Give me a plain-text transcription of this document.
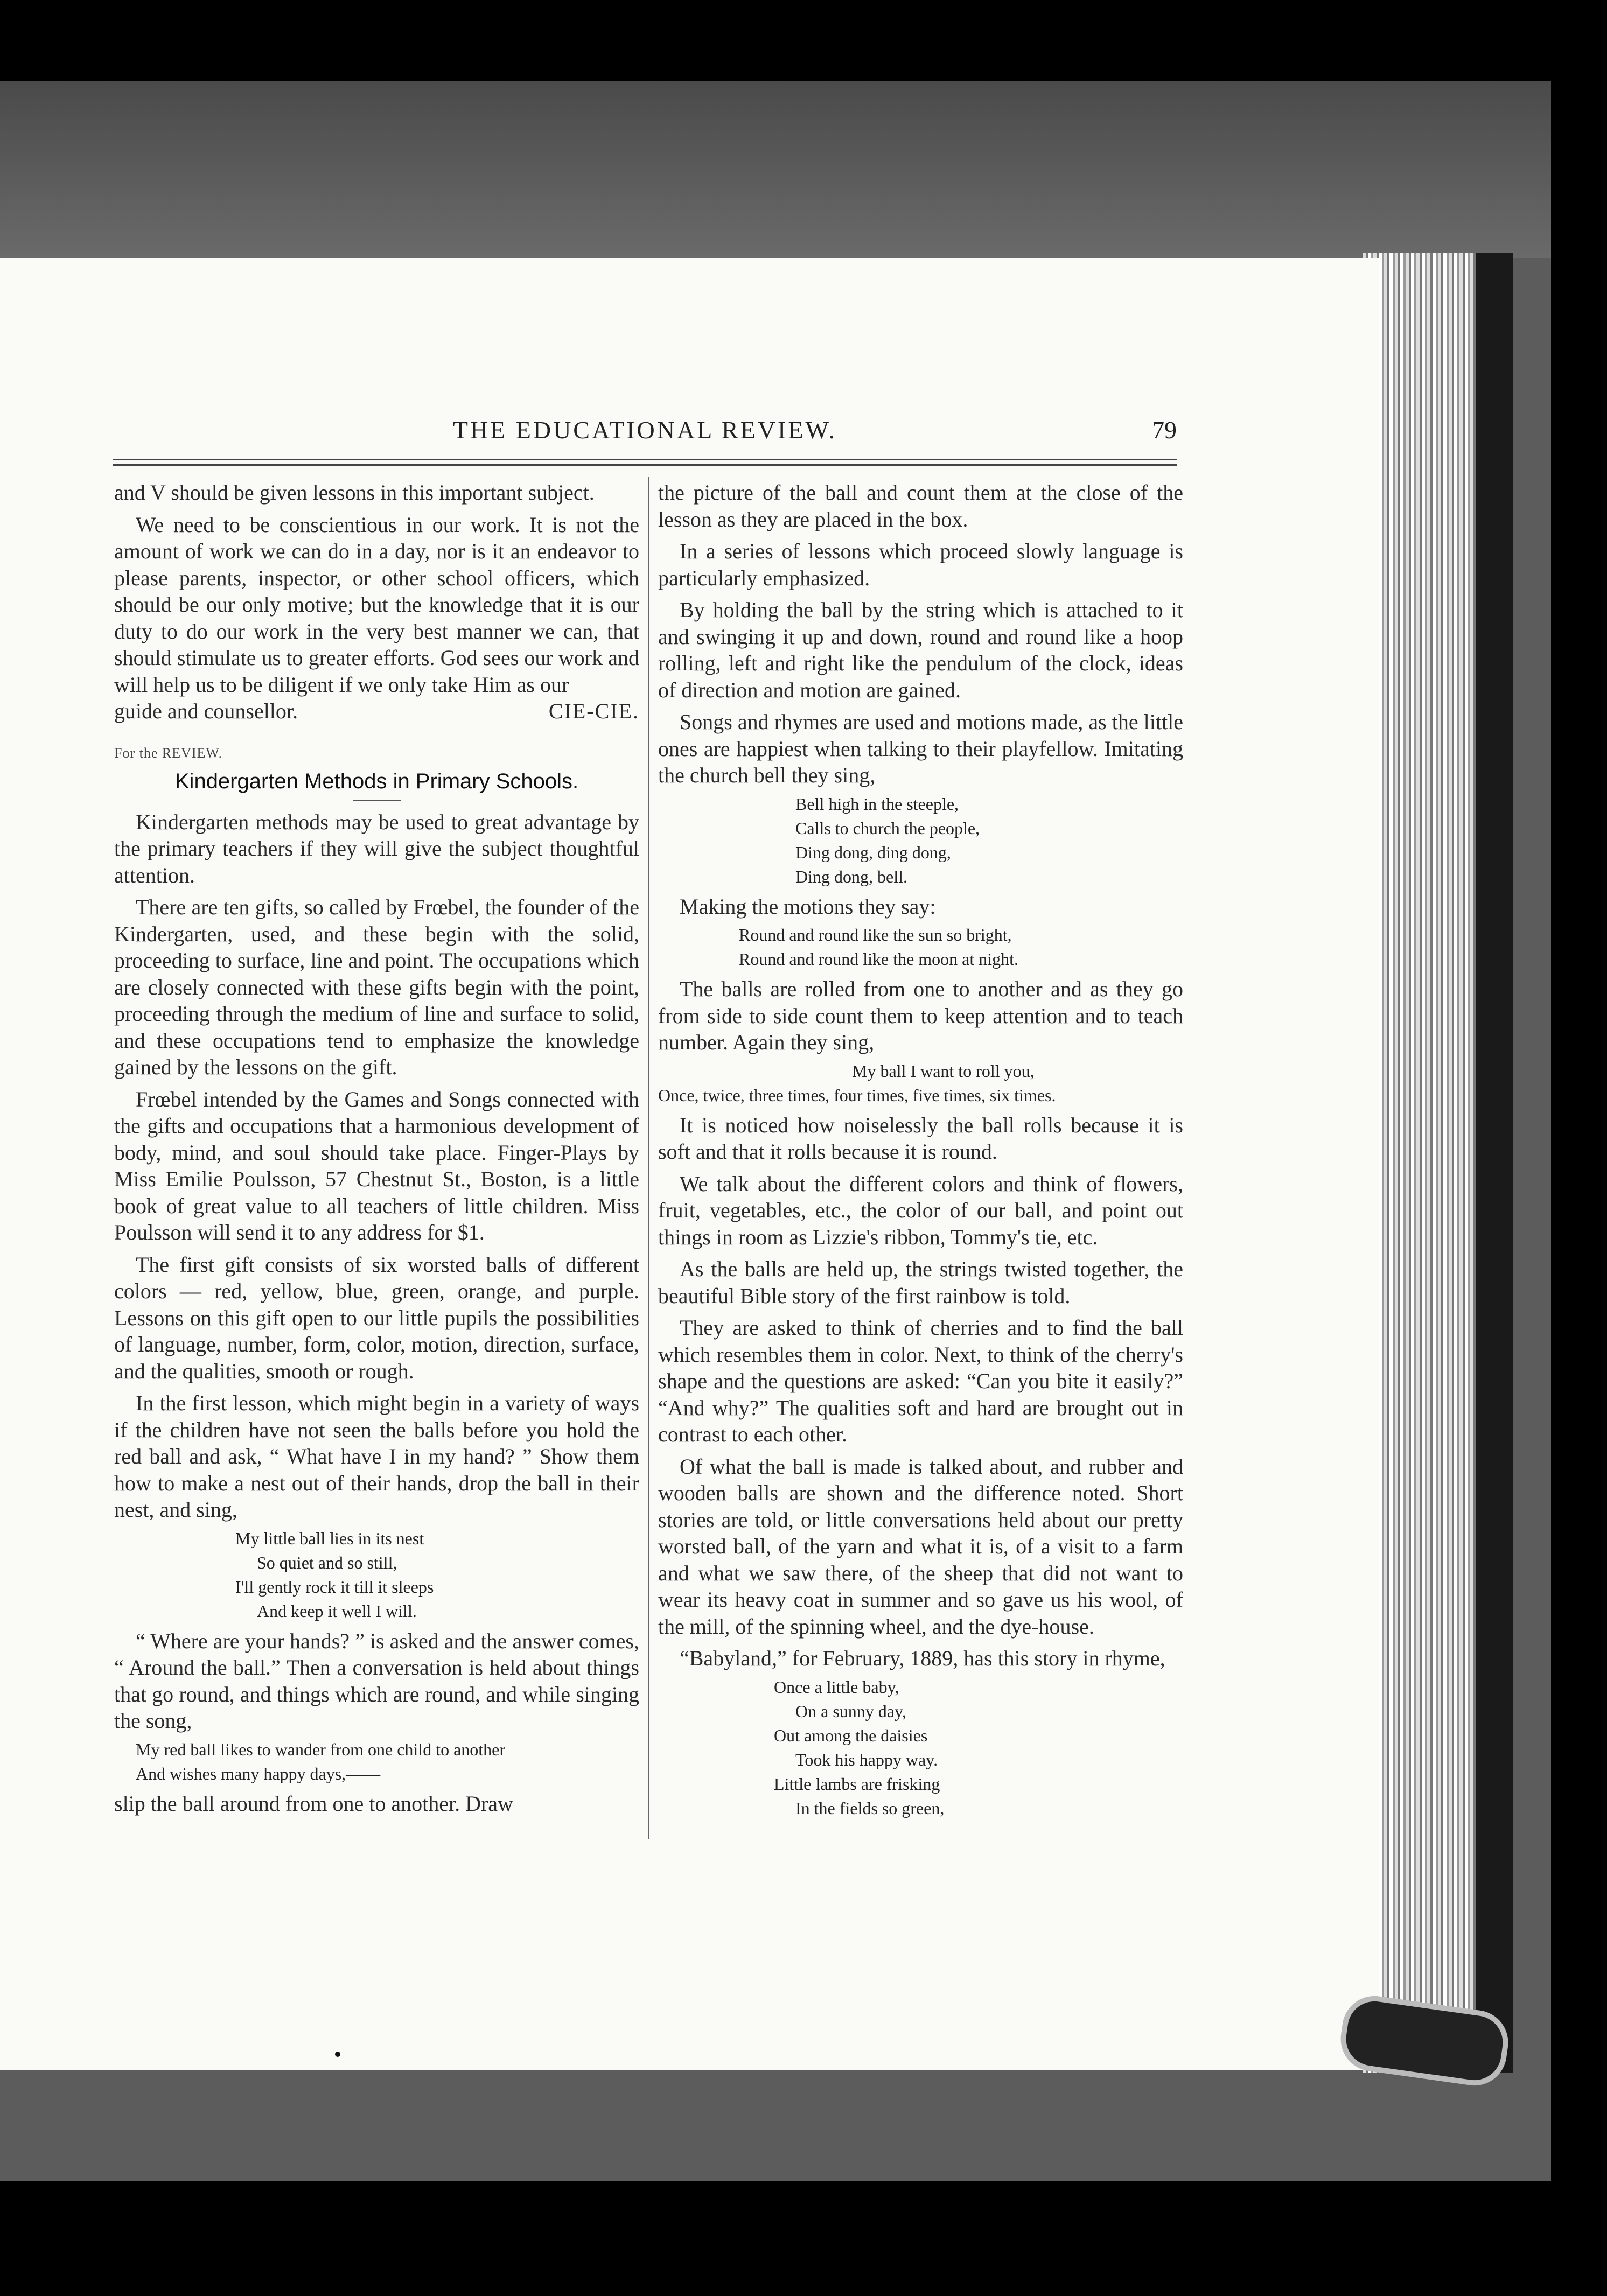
THE EDUCATIONAL REVIEW.	79

and V should be given lessons in this important subject.

We need to be conscientious in our work. It is not the amount of work we can do in a day, nor is it an endeavor to please parents, inspector, or other school officers, which should be our only motive; but the knowledge that it is our duty to do our work in the very best manner we can, that should stimulate us to greater efforts. God sees our work and will help us to be diligent if we only take Him as our

guide and counsellor.	CIE-CIE.
For the REVIEW.
Kindergarten Methods in Primary Schools.

Kindergarten methods may be used to great advantage by the primary teachers if they will give the subject thoughtful attention.

There are ten gifts, so called by Frœbel, the founder of the Kindergarten, used, and these begin with the solid, proceeding to surface, line and point. The occupations which are closely connected with these gifts begin with the point, proceeding through the medium of line and surface to solid, and these occupations tend to emphasize the knowledge gained by the lessons on the gift.

Frœbel intended by the Games and Songs connected with the gifts and occupations that a harmonious development of body, mind, and soul should take place. Finger-Plays by Miss Emilie Poulsson, 57 Chestnut St., Boston, is a little book of great value to all teachers of little children. Miss Poulsson will send it to any address for $1.

The first gift consists of six worsted balls of different colors — red, yellow, blue, green, orange, and purple. Lessons on this gift open to our little pupils the possibilities of language, number, form, color, motion, direction, surface, and the qualities, smooth or rough.

In the first lesson, which might begin in a variety of ways if the children have not seen the balls before you hold the red ball and ask, “ What have I in my hand? ” Show them how to make a nest out of their hands, drop the ball in their nest, and sing,

My little ball lies in its nest
So quiet and so still,
I'll gently rock it till it sleeps
And keep it well I will.

“ Where are your hands? ” is asked and the answer comes, “ Around the ball.” Then a conversation is held about things that go round, and things which are round, and while singing the song,

My red ball likes to wander from one child to another
And wishes many happy days,——

slip the ball around from one to another. Draw

the picture of the ball and count them at the close of the lesson as they are placed in the box.

In a series of lessons which proceed slowly language is particularly emphasized.

By holding the ball by the string which is attached to it and swinging it up and down, round and round like a hoop rolling, left and right like the pendulum of the clock, ideas of direction and motion are gained.

Songs and rhymes are used and motions made, as the little ones are happiest when talking to their playfellow. Imitating the church bell they sing,

Bell high in the steeple,
Calls to church the people,
Ding dong, ding dong,
Ding dong, bell.

Making the motions they say:

Round and round like the sun so bright,
Round and round like the moon at night.

The balls are rolled from one to another and as they go from side to side count them to keep attention and to teach number. Again they sing,

My ball I want to roll you,
Once, twice, three times, four times, five times, six times.

It is noticed how noiselessly the ball rolls because it is soft and that it rolls because it is round.

We talk about the different colors and think of flowers, fruit, vegetables, etc., the color of our ball, and point out things in room as Lizzie's ribbon, Tommy's tie, etc.

As the balls are held up, the strings twisted together, the beautiful Bible story of the first rainbow is told.

They are asked to think of cherries and to find the ball which resembles them in color. Next, to think of the cherry's shape and the questions are asked: “Can you bite it easily?” “And why?” The qualities soft and hard are brought out in contrast to each other.

Of what the ball is made is talked about, and rubber and wooden balls are shown and the difference noted. Short stories are told, or little conversations held about our pretty worsted ball, of the yarn and what it is, of a visit to a farm and what we saw there, of the sheep that did not want to wear its heavy coat in summer and so gave us his wool, of the mill, of the spinning wheel, and the dye-house.

“Babyland,” for February, 1889, has this story in rhyme,

Once a little baby,
On a sunny day,
Out among the daisies
Took his happy way.
Little lambs are frisking
In the fields so green,
